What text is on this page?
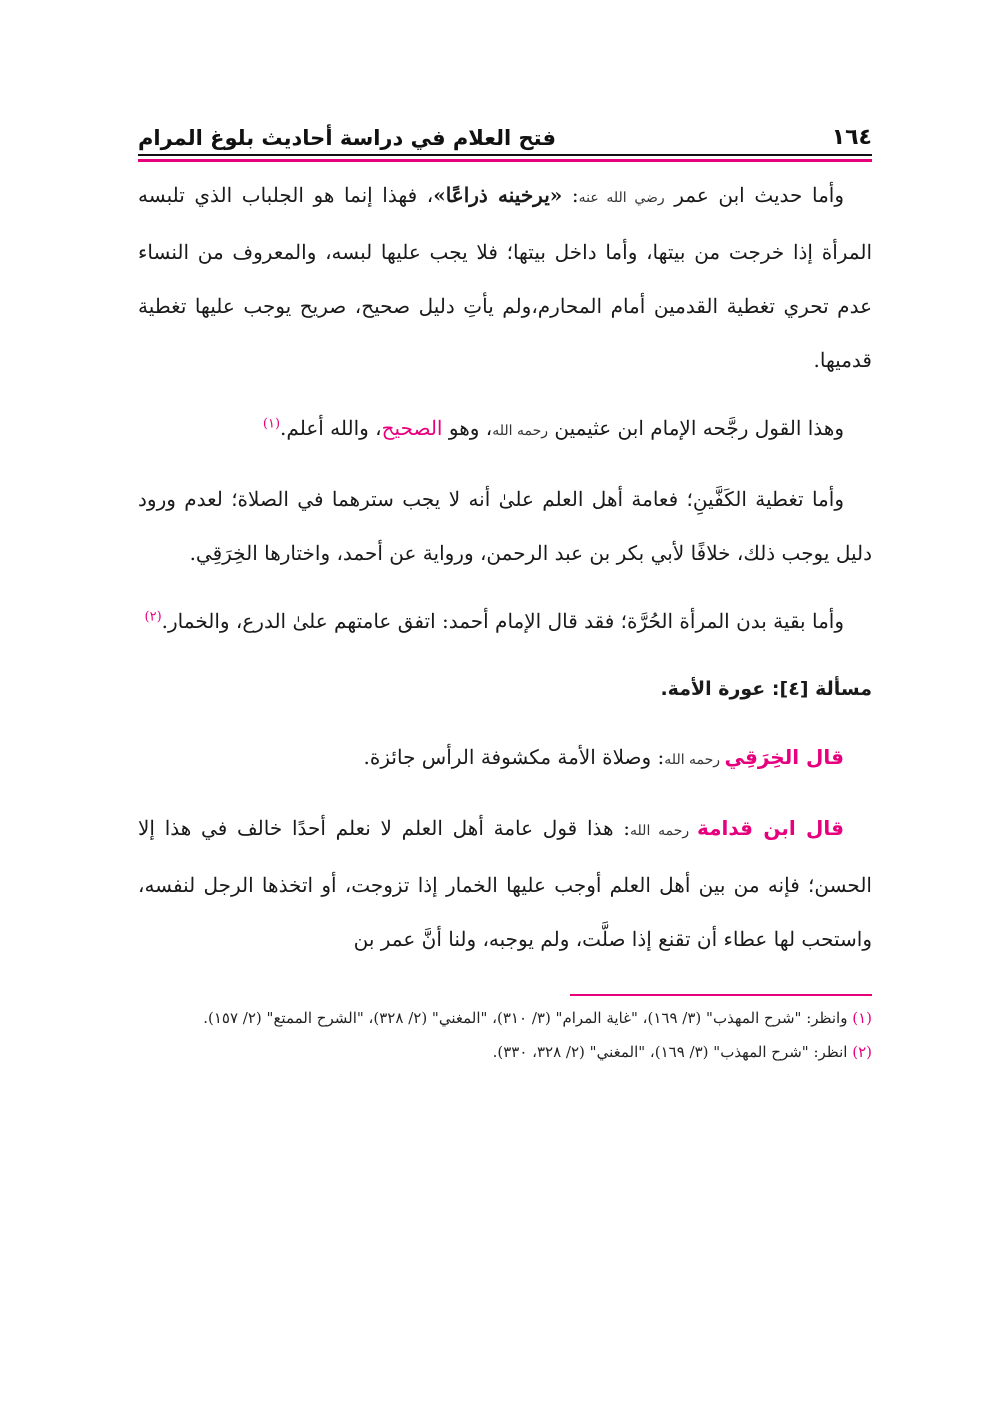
١٦٤
فتح العلام في دراسة أحاديث بلوغ المرام

وأما حديث ابن عمر رضي الله عنه: «يرخينه ذراعًا»، فهذا إنما هو الجلباب الذي تلبسه المرأة إذا خرجت من بيتها، وأما داخل بيتها؛ فلا يجب عليها لبسه، والمعروف من النساء عدم تحري تغطية القدمين أمام المحارم،ولم يأتِ دليل صحيح، صريح يوجب عليها تغطية قدميها.

وهذا القول رجَّحه الإمام ابن عثيمين رحمه الله، وهو الصحيح، والله أعلم.$^{(١)}$

وأما تغطية الكَفَّينِ؛ فعامة أهل العلم علىٰ أنه لا يجب سترهما في الصلاة؛ لعدم ورود دليل يوجب ذلك، خلافًا لأبي بكر بن عبد الرحمن، ورواية عن أحمد، واختارها الخِرَقِي.

وأما بقية بدن المرأة الحُرَّة؛ فقد قال الإمام أحمد: اتفق عامتهم علىٰ الدرع، والخمار.$^{(٢)}$

مسألة [٤]: عورة الأمة.

قال الخِرَقِي رحمه الله: وصلاة الأمة مكشوفة الرأس جائزة.

قال ابن قدامة رحمه الله: هذا قول عامة أهل العلم لا نعلم أحدًا خالف في هذا إلا الحسن؛ فإنه من بين أهل العلم أوجب عليها الخمار إذا تزوجت، أو اتخذها الرجل لنفسه، واستحب لها عطاء أن تقنع إذا صلَّت، ولم يوجبه، ولنا أنَّ عمر بن

(١) وانظر: "شرح المهذب" (٣/ ١٦٩)، "غاية المرام" (٣/ ٣١٠)، "المغني" (٢/ ٣٢٨)، "الشرح الممتع" (٢/ ١٥٧).

(٢) انظر: "شرح المهذب" (٣/ ١٦٩)، "المغني" (٢/ ٣٢٨، ٣٣٠).
